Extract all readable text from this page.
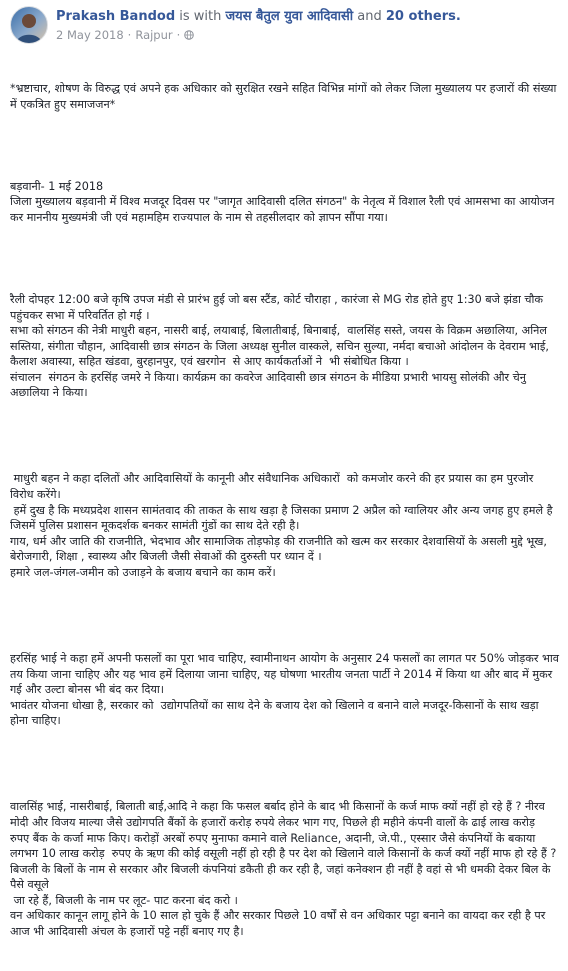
Prakash Bandod is with जयस बैतुल युवा आदिवासी and 20 others.
2 May 2018 · Rajpur ·

*भ्रष्टाचार, शोषण के विरुद्ध एवं अपने हक अधिकार को सुरक्षित रखने सहित विभिन्न मांगों को लेकर जिला मुख्यालय पर हजारों की संख्या में एकत्रित हुए समाजजन*

बड़वानी- 1 मई 2018
जिला मुख्यालय बड़वानी में विश्व मजदूर दिवस पर "जागृत आदिवासी दलित संगठन" के नेतृत्व में विशाल रैली एवं आमसभा का आयोजन कर माननीय मुख्यमंत्री जी एवं महामहिम राज्यपाल के नाम से तहसीलदार को ज्ञापन सौंपा गया।

रैली दोपहर 12:00 बजे कृषि उपज मंडी से प्रारंभ हुई जो बस स्टैंड, कोर्ट चौराहा , कारंजा से MG रोड होते हुए 1:30 बजे झंडा चौक पहुंचकर सभा में परिवर्तित हो गई ।
सभा को संगठन की नेत्री माधुरी बहन, नासरी बाई, लयाबाई, बिलातीबाई, बिनाबाई,  वालसिंह सस्ते, जयस के विक्रम अछालिया, अनिल सस्तिया, संगीता चौहान, आदिवासी छात्र संगठन के जिला अध्यक्ष सुनील वास्कले, सचिन सुल्या, नर्मदा बचाओ आंदोलन के देवराम भाई, कैलाश अवास्या, सहित खंडवा, बुरहानपुर, एवं खरगोन  से आए कार्यकर्ताओं ने  भी संबोधित किया ।
संचालन  संगठन के हरसिंह जमरे ने किया। कार्यक्रम का कवरेज आदिवासी छात्र संगठन के मीडिया प्रभारी भायसु सोलंकी और चेनु अछालिया ने किया।

माधुरी बहन ने कहा दलितों और आदिवासियों के कानूनी और संवैधानिक अधिकारों  को कमजोर करने की हर प्रयास का हम पुरजोर विरोध करेंगे।
हमें दुख है कि मध्यप्रदेश शासन सामंतवाद की ताकत के साथ खड़ा है जिसका प्रमाण 2 अप्रैल को ग्वालियर और अन्य जगह हुए हमले है जिसमें पुलिस प्रशासन मूकदर्शक बनकर सामंती गुंडों का साथ देते रही है।
गाय, धर्म और जाति की राजनीति, भेदभाव और सामाजिक तोड़फोड़ की राजनीति को खत्म कर सरकार देशवासियों के असली मुद्दे भूख, बेरोजगारी, शिक्षा , स्वास्थ्य और बिजली जैसी सेवाओं की दुरुस्ती पर ध्यान दें ।
हमारे जल-जंगल-जमीन को उजाड़ने के बजाय बचाने का काम करें।

हरसिंह भाई ने कहा हमें अपनी फसलों का पूरा भाव चाहिए, स्वामीनाथन आयोग के अनुसार 24 फसलों का लागत पर 50% जोड़कर भाव तय किया जाना चाहिए और यह भाव हमें दिलाया जाना चाहिए, यह घोषणा भारतीय जनता पार्टी ने 2014 में किया था और बाद में मुकर गई और उल्टा बोनस भी बंद कर दिया।
भावंतर योजना धोखा है, सरकार को  उद्योगपतियों का साथ देने के बजाय देश को खिलाने व बनाने वाले मजदूर-किसानों के साथ खड़ा होना चाहिए।

वालसिंह भाई, नासरीबाई, बिलाती बाई,आदि ने कहा कि फसल बर्बाद होने के बाद भी किसानों के कर्ज माफ क्यों नहीं हो रहे हैं ? नीरव मोदी और विजय माल्या जैसे उद्योगपति बैंकों के हजारों करोड़ रुपये लेकर भाग गए, पिछले ही महीने कंपनी वालों के ढाई लाख करोड़  रुपए बैंक के कर्जा माफ किए। करोड़ों अरबों रुपए मुनाफा कमाने वाले Reliance, अदानी, जे.पी., एस्सार जैसे कंपनियों के बकाया लगभग 10 लाख करोड़  रुपए के ऋण की कोई वसूली नहीं हो रही है पर देश को खिलाने वाले किसानों के कर्ज क्यों नहीं माफ हो रहे हैं ?
बिजली के बिलों के नाम से सरकार और बिजली कंपनियां डकैती ही कर रही है, जहां कनेक्शन ही नहीं है वहां से भी धमकी देकर बिल के पैसे वसूले
जा रहे हैं, बिजली के नाम पर लूट- पाट करना बंद करो ।
वन अधिकार कानून लागू होने के 10 साल हो चुके हैं और सरकार पिछले 10 वर्षों से वन अधिकार पट्टा बनाने का वायदा कर रही है पर आज भी आदिवासी अंचल के हजारों पट्टे नहीं बनाए गए है।
